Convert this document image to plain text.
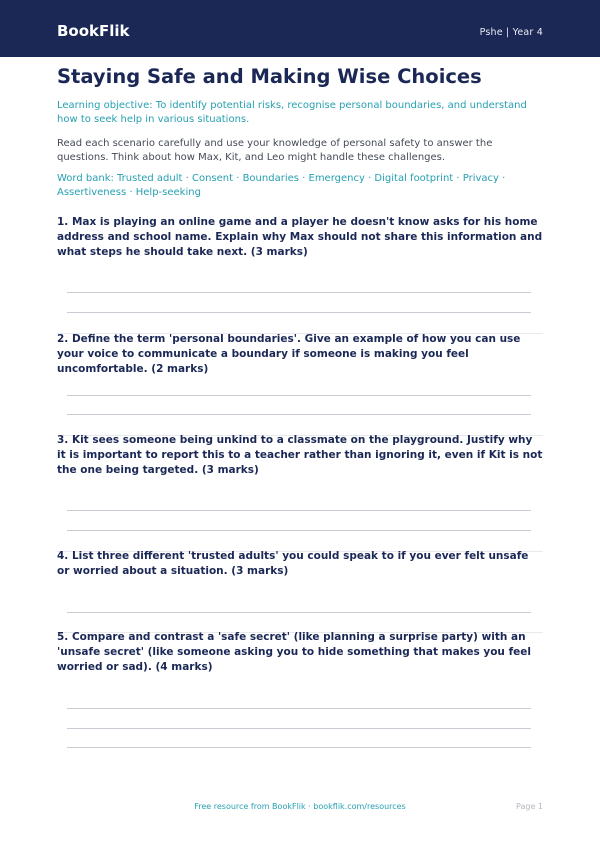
BookFlik	Pshe | Year 4
Staying Safe and Making Wise Choices

Learning objective: To identify potential risks, recognise personal boundaries, and understand how to seek help in various situations.

Read each scenario carefully and use your knowledge of personal safety to answer the questions. Think about how Max, Kit, and Leo might handle these challenges.

Word bank: Trusted adult · Consent · Boundaries · Emergency · Digital footprint · Privacy · Assertiveness · Help-seeking

1. Max is playing an online game and a player he doesn't know asks for his home address and school name. Explain why Max should not share this information and what steps he should take next. (3 marks)

2. Define the term 'personal boundaries'. Give an example of how you can use your voice to communicate a boundary if someone is making you feel uncomfortable. (2 marks)

3. Kit sees someone being unkind to a classmate on the playground. Justify why it is important to report this to a teacher rather than ignoring it, even if Kit is not the one being targeted. (3 marks)

4. List three different 'trusted adults' you could speak to if you ever felt unsafe or worried about a situation. (3 marks)

5. Compare and contrast a 'safe secret' (like planning a surprise party) with an 'unsafe secret' (like someone asking you to hide something that makes you feel worried or sad). (4 marks)

Free resource from BookFlik · bookflik.com/resources	Page 1
